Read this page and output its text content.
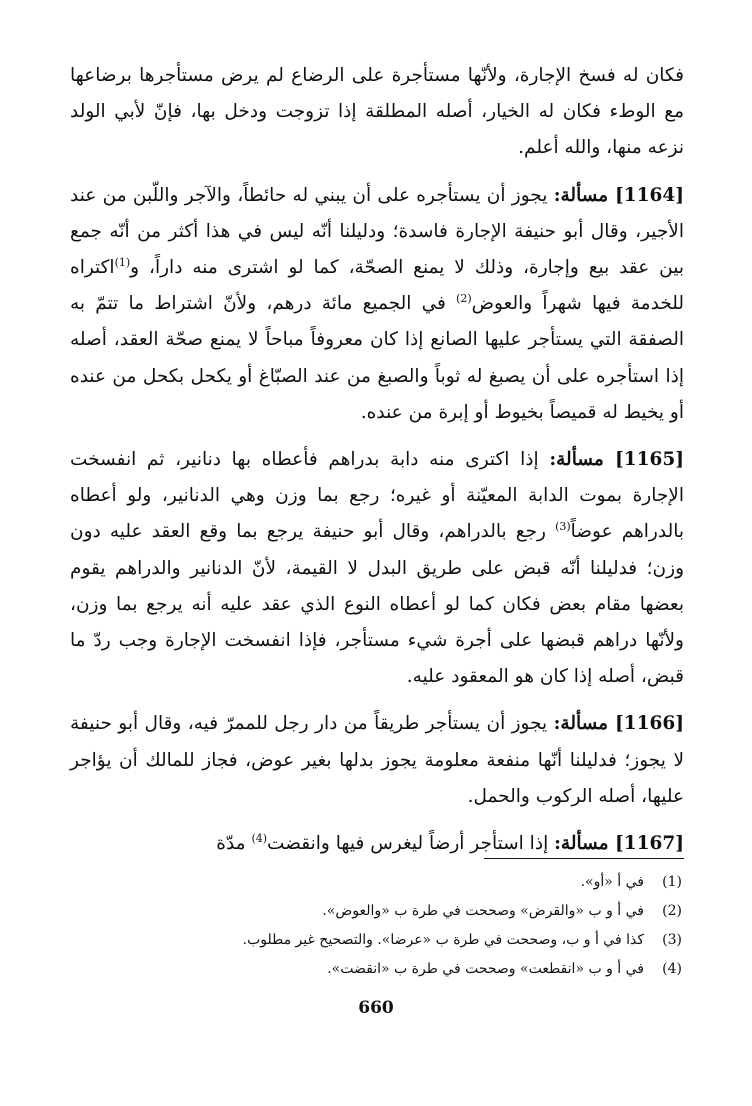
فكان له فسخ الإجارة، ولأنّها مستأجرة على الرضاع لم يرض مستأجرها برضاعها مع الوطء فكان له الخيار، أصله المطلقة إذا تزوجت ودخل بها، فإنّ لأبي الولد نزعه منها، والله أعلم.

[1164] مسألة: يجوز أن يستأجره على أن يبني له حائطاً، والآجر واللّبن من عند الأجير، وقال أبو حنيفة الإجارة فاسدة؛ ودليلنا أنّه ليس في هذا أكثر من أنّه جمع بين عقد بيع وإجارة، وذلك لا يمنع الصحّة، كما لو اشترى منه داراً، و$^{(1)}$اكتراه للخدمة فيها شهراً والعوض$^{(2)}$ في الجميع مائة درهم، ولأنّ اشتراط ما تتمّ به الصفقة التي يستأجر عليها الصانع إذا كان معروفاً مباحاً لا يمنع صحّة العقد، أصله إذا استأجره على أن يصبغ له ثوباً والصبغ من عند الصبّاغ أو يكحل بكحل من عنده أو يخيط له قميصاً بخيوط أو إبرة من عنده.

[1165] مسألة: إذا اكترى منه دابة بدراهم فأعطاه بها دنانير، ثم انفسخت الإجارة بموت الدابة المعيّنة أو غيره؛ رجع بما وزن وهي الدنانير، ولو أعطاه بالدراهم عوضاً$^{(3)}$ رجع بالدراهم، وقال أبو حنيفة يرجع بما وقع العقد عليه دون وزن؛ فدليلنا أنّه قبض على طريق البدل لا القيمة، لأنّ الدنانير والدراهم يقوم بعضها مقام بعض فكان كما لو أعطاه النوع الذي عقد عليه أنه يرجع بما وزن، ولأنّها دراهم قبضها على أجرة شيء مستأجر، فإذا انفسخت الإجارة وجب ردّ ما قبض، أصله إذا كان هو المعقود عليه.

[1166] مسألة: يجوز أن يستأجر طريقاً من دار رجل للممرّ فيه، وقال أبو حنيفة لا يجوز؛ فدليلنا أنّها منفعة معلومة يجوز بدلها بغير عوض، فجاز للمالك أن يؤاجر عليها، أصله الركوب والحمل.

[1167] مسألة: إذا استأجر أرضاً ليغرس فيها وانقضت$^{(4)}$ مدّة

(1)
في أ «أو».
(2)
في أ و ب «والقرض» وصححت في طرة ب «والعوض».
(3)
كذا في أ و ب، وصححت في طرة ب «عرضا». والتصحيح غير مطلوب.
(4)
في أ و ب «انقطعت» وصححت في طرة ب «انقضت».
660
